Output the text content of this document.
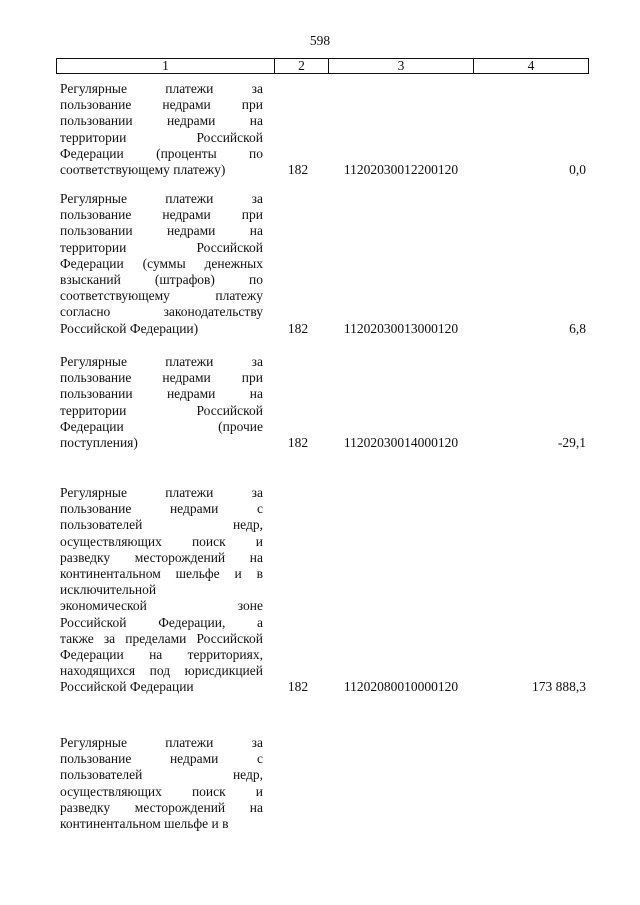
598
1	2	3	4
Регулярные платежи за
пользование недрами при
пользовании недрами на
территории Российской
Федерации (проценты по
соответствующему платежу)	182	11202030012200120	0,0
Регулярные платежи за
пользование недрами при
пользовании недрами на
территории Российской
Федерации (суммы денежных
взысканий (штрафов) по
соответствующему платежу
согласно законодательству
Российской Федерации)	182	11202030013000120	6,8
Регулярные платежи за
пользование недрами при
пользовании недрами на
территории Российской
Федерации (прочие
поступления)	182	11202030014000120	-29,1
Регулярные платежи за
пользование недрами с
пользователей недр,
осуществляющих поиск и
разведку месторождений на
континентальном шельфе и в
исключительной
экономической зоне
Российской Федерации, а
также за пределами Российской
Федерации на территориях,
находящихся под юрисдикцией
Российской Федерации	182	11202080010000120	173 888,3
Регулярные платежи за
пользование недрами с
пользователей недр,
осуществляющих поиск и
разведку месторождений на
континентальном шельфе и в
